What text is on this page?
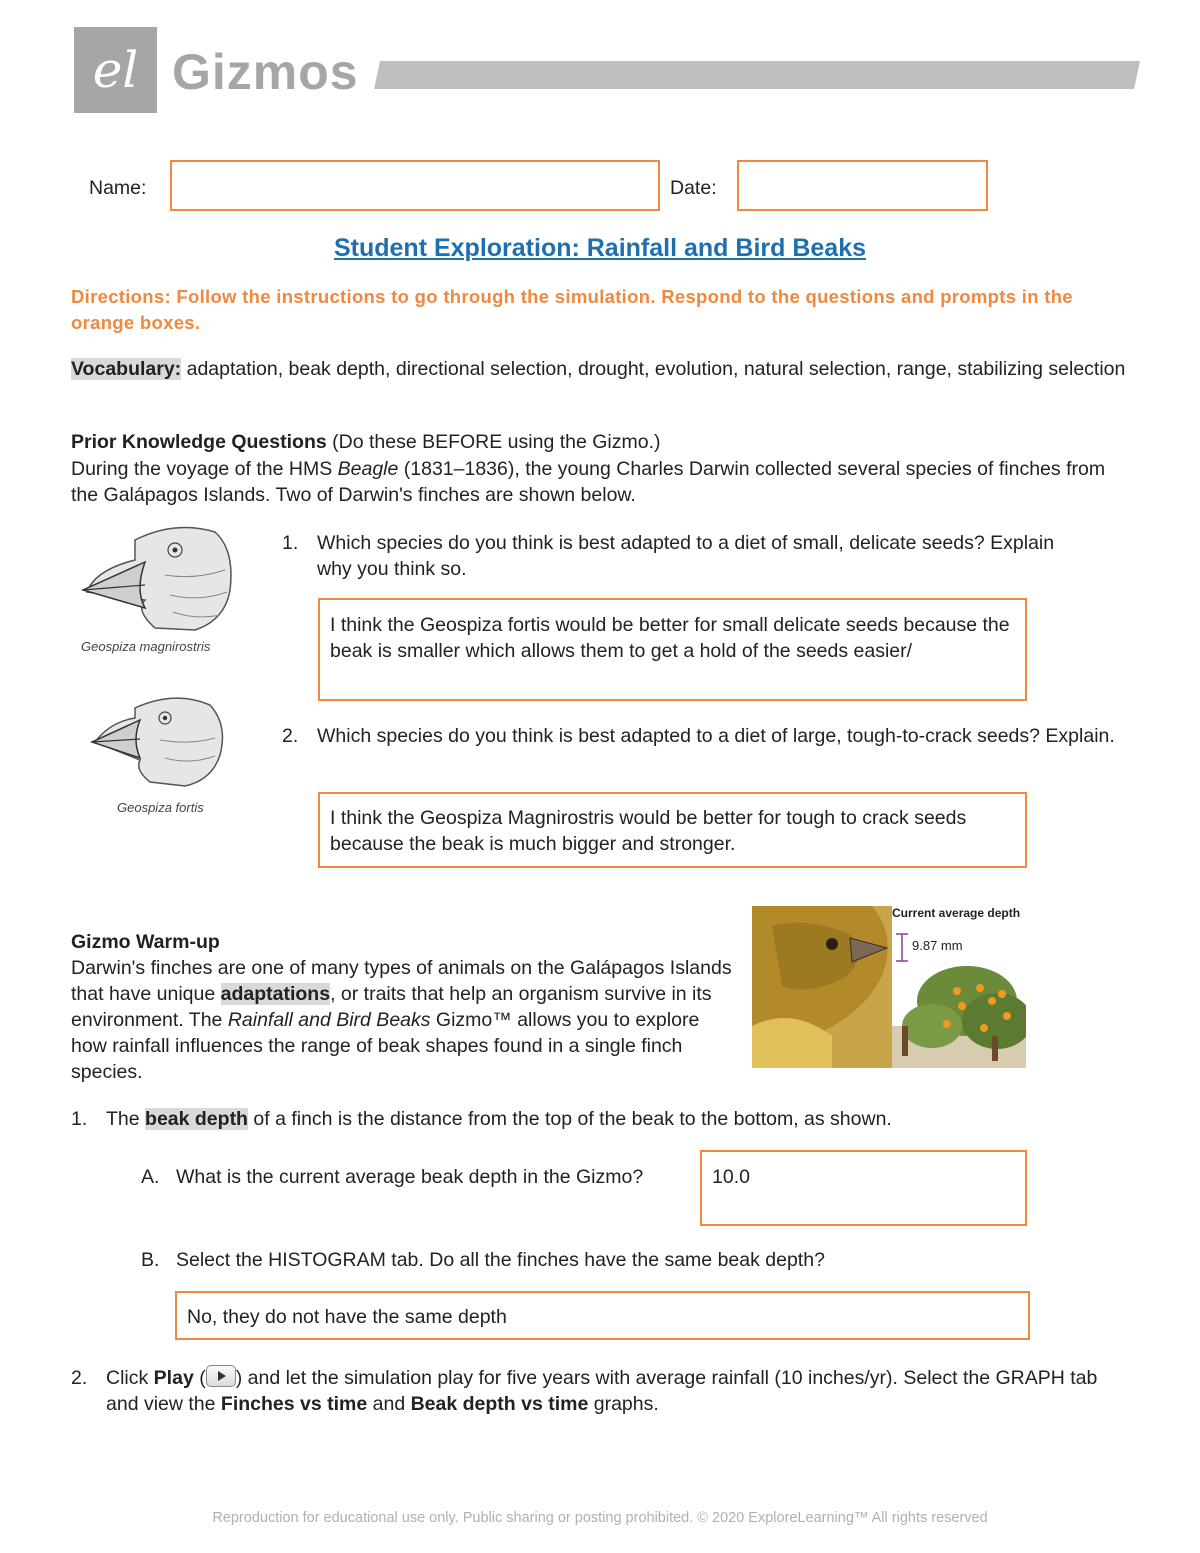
el Gizmos
Name:	Date:
Student Exploration: Rainfall and Bird Beaks
Directions: Follow the instructions to go through the simulation. Respond to the questions and prompts in the orange boxes.
Vocabulary: adaptation, beak depth, directional selection, drought, evolution, natural selection, range, stabilizing selection
Prior Knowledge Questions (Do these BEFORE using the Gizmo.)
During the voyage of the HMS Beagle (1831–1836), the young Charles Darwin collected several species of finches from the Galápagos Islands. Two of Darwin's finches are shown below.
Geospiza magnirostris
Geospiza fortis
1. Which species do you think is best adapted to a diet of small, delicate seeds? Explain why you think so.
I think the Geospiza fortis would be better for small delicate seeds because the beak is smaller which allows them to get a hold of the seeds easier/
2. Which species do you think is best adapted to a diet of large, tough-to-crack seeds? Explain.
I think the Geospiza Magnirostris would be better for tough to crack seeds because the beak is much bigger and stronger.
Gizmo Warm-up
Darwin's finches are one of many types of animals on the Galápagos Islands that have unique adaptations, or traits that help an organism survive in its environment. The Rainfall and Bird Beaks Gizmo™ allows you to explore how rainfall influences the range of beak shapes found in a single finch species.
Current average depth
9.87 mm
1. The beak depth of a finch is the distance from the top of the beak to the bottom, as shown.
A. What is the current average beak depth in the Gizmo?	10.0
B. Select the HISTOGRAM tab. Do all the finches have the same beak depth?
No, they do not have the same depth
2. Click Play ( ) and let the simulation play for five years with average rainfall (10 inches/yr). Select the GRAPH tab and view the Finches vs time and Beak depth vs time graphs.
Reproduction for educational use only. Public sharing or posting prohibited. © 2020 ExploreLearning™ All rights reserved
